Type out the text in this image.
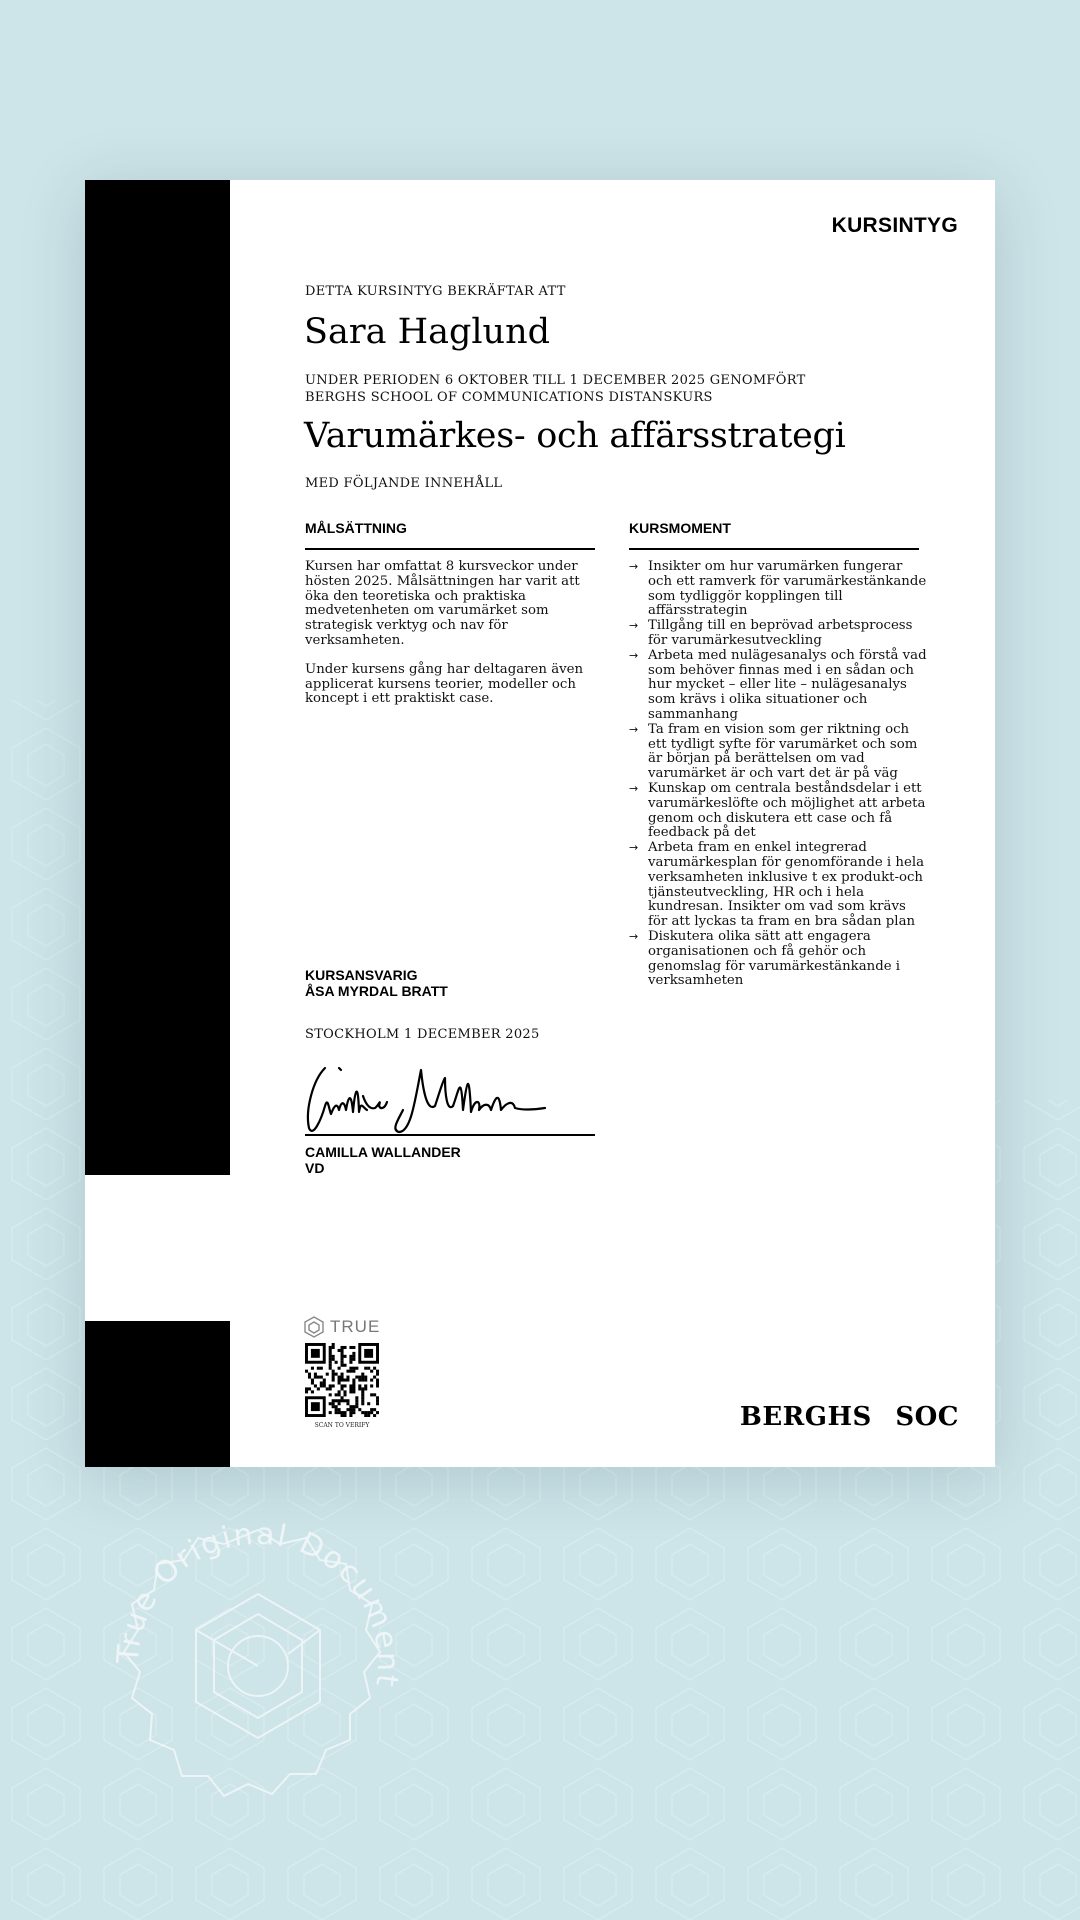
KURSINTYG
DETTA KURSINTYG BEKRÄFTAR ATT
Sara Haglund
UNDER PERIODEN 6 OKTOBER TILL 1 DECEMBER 2025 GENOMFÖRT
BERGHS SCHOOL OF COMMUNICATIONS DISTANSKURS
Varumärkes- och affärsstrategi
MED FÖLJANDE INNEHÅLL
MÅLSÄTTNING	KURSMOMENT

Kursen har omfattat 8 kursveckor under hösten 2025. Målsättningen har varit att öka den teoretiska och praktiska medvetenheten om varumärket som strategisk verktyg och nav för verksamheten.

Under kursens gång har deltagaren även applicerat kursens teorier, modeller och koncept i ett praktiskt case.

→ Insikter om hur varumärken fungerar och ett ramverk för varumärkestänkande som tydliggör kopplingen till affärsstrategin
→ Tillgång till en beprövad arbetsprocess för varumärkesutveckling
→ Arbeta med nulägesanalys och förstå vad som behöver finnas med i en sådan och hur mycket – eller lite – nulägesanalys som krävs i olika situationer och sammanhang
→ Ta fram en vision som ger riktning och ett tydligt syfte för varumärket och som är början på berättelsen om vad varumärket är och vart det är på väg
→ Kunskap om centrala beståndsdelar i ett varumärkeslöfte och möjlighet att arbeta genom och diskutera ett case och få feedback på det
→ Arbeta fram en enkel integrerad varumärkesplan för genomförande i hela verksamheten inklusive t ex produkt-och tjänsteutveckling, HR och i hela kundresan. Insikter om vad som krävs för att lyckas ta fram en bra sådan plan
→ Diskutera olika sätt att engagera organisationen och få gehör och genomslag för varumärkestänkande i verksamheten
KURSANSVARIG
ÅSA MYRDAL BRATT
STOCKHOLM 1 DECEMBER 2025
CAMILLA WALLANDER
VD
TRUE
SCAN TO VERIFY	BERGHS SOC
True Original Document
